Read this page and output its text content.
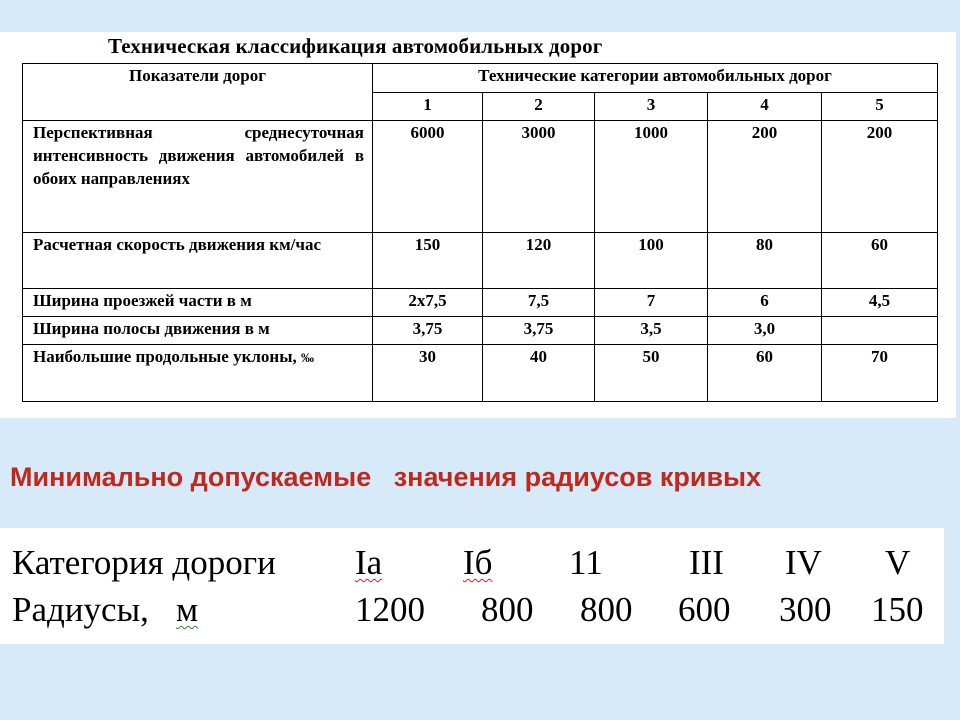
Техническая классификация автомобильных дорог
Показатели дорог	Технические категории автомобильных дорог				
	1	2	3	4	5
Перспективная среднесуточная интенсивность движения автомобилей в обоих направлениях	6000	3000	1000	200	200
Расчетная скорость движения км/час	150	120	100	80	60
Ширина проезжей части в м	2х7,5	7,5	7	6	4,5
Ширина полосы движения в м	3,75	3,75	3,5	3,0	
Наибольшие продольные уклоны, ‰	30	40	50	60	70
Минимально допускаемые   значения радиусов кривых
Категория дороги Iа Iб 11 III IV V
Радиусы, м	1200 800 800 600 300 150
